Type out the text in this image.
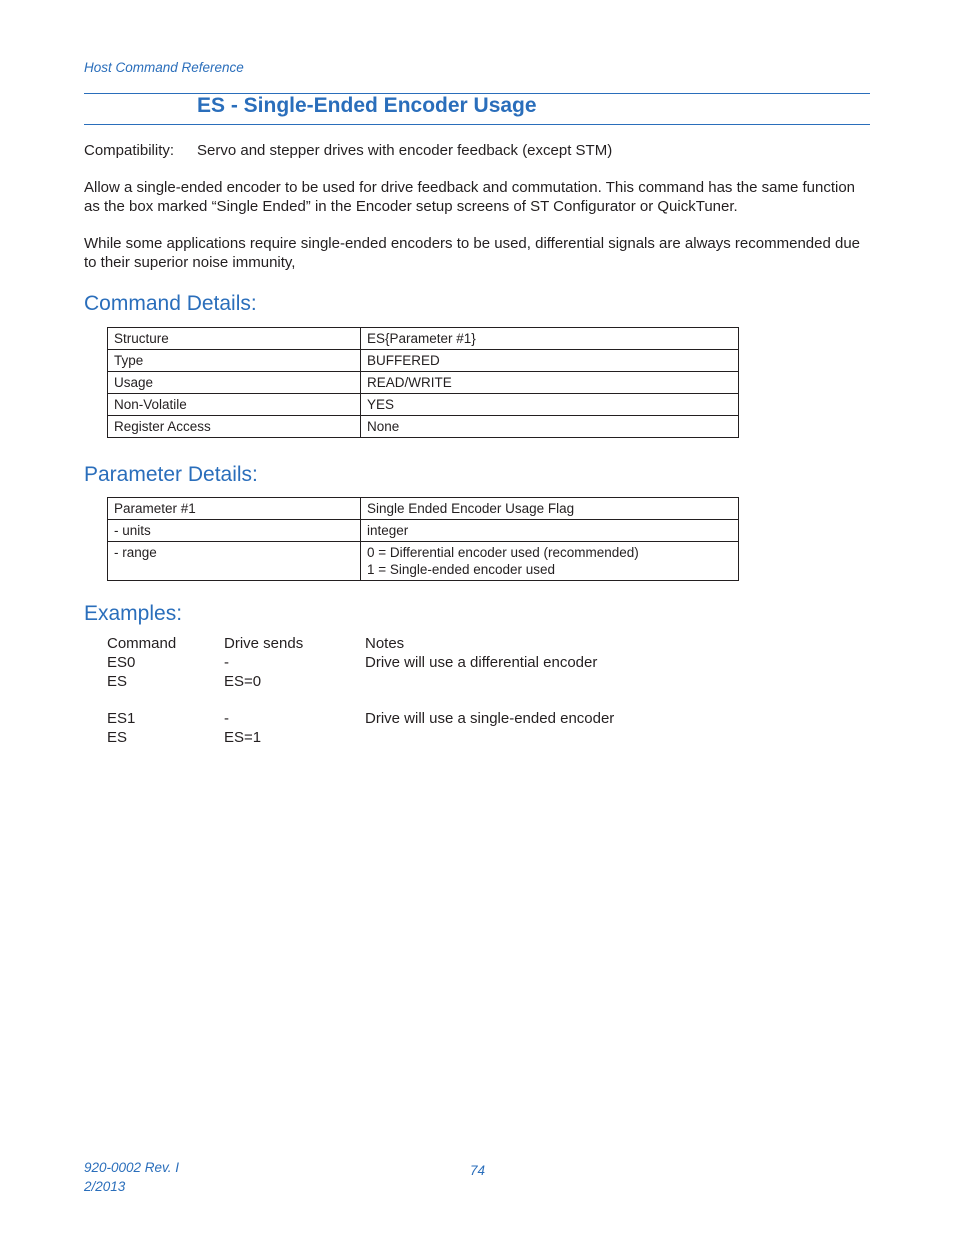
Host Command Reference
ES - Single-Ended Encoder Usage
Compatibility: Servo and stepper drives with encoder feedback (except STM)
Allow a single-ended encoder to be used for drive feedback and commutation. This command has the same function as the box marked “Single Ended” in the Encoder setup screens of ST Configurator or QuickTuner.
While some applications require single-ended encoders to be used, differential signals are always recommended due to their superior noise immunity,
Command Details:
Structure	ES{Parameter #1}
Type	BUFFERED
Usage	READ/WRITE
Non-Volatile	YES
Register Access	None
Parameter Details:
Parameter #1	Single Ended Encoder Usage Flag
- units	integer
- range	0 = Differential encoder used (recommended)
1 = Single-ended encoder used
Examples:
Command	Drive sends	Notes
ES0	-	Drive will use a differential encoder
ES	ES=0
ES1	-	Drive will use a single-ended encoder
ES	ES=1
920-0002 Rev. I
2/2013
74
